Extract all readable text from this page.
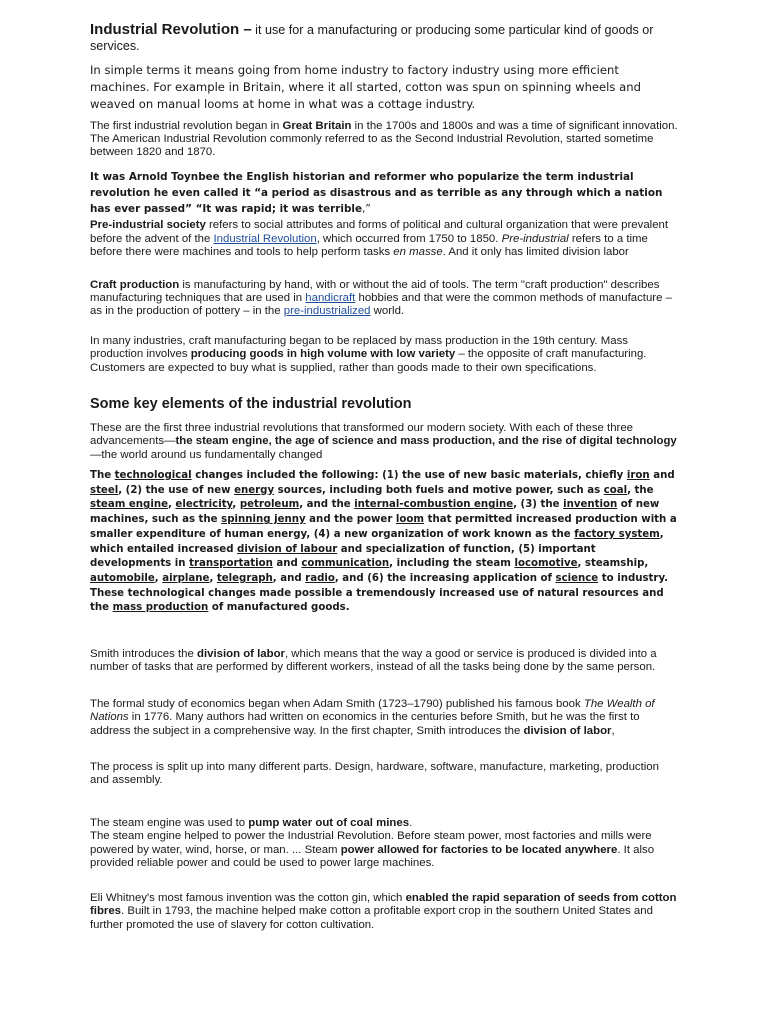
Industrial Revolution – it use for a manufacturing or producing some particular kind of goods or services.

In simple terms it means going from home industry to factory industry using more efficient machines. For example in Britain, where it all started, cotton was spun on spinning wheels and weaved on manual looms at home in what was a cottage industry.

The first industrial revolution began in Great Britain in the 1700s and 1800s and was a time of significant innovation. The American Industrial Revolution commonly referred to as the Second Industrial Revolution, started sometime between 1820 and 1870.

It was Arnold Toynbee the English historian and reformer who popularize the term industrial revolution he even called it “a period as disastrous and as terrible as any through which a nation has ever passed” “It was rapid; it was terrible,”

Pre-industrial society refers to social attributes and forms of political and cultural organization that were prevalent before the advent of the Industrial Revolution, which occurred from 1750 to 1850. Pre-industrial refers to a time before there were machines and tools to help perform tasks en masse. And it only has limited division labor

Craft production is manufacturing by hand, with or without the aid of tools. The term "craft production" describes manufacturing techniques that are used in handicraft hobbies and that were the common methods of manufacture – as in the production of pottery – in the pre-industrialized world.

In many industries, craft manufacturing began to be replaced by mass production in the 19th century. Mass production involves producing goods in high volume with low variety – the opposite of craft manufacturing. Customers are expected to buy what is supplied, rather than goods made to their own specifications.

Some key elements of the industrial revolution

These are the first three industrial revolutions that transformed our modern society. With each of these three advancements—the steam engine, the age of science and mass production, and the rise of digital technology—the world around us fundamentally changed

The technological changes included the following: (1) the use of new basic materials, chiefly iron and steel, (2) the use of new energy sources, including both fuels and motive power, such as coal, the steam engine, electricity, petroleum, and the internal-combustion engine, (3) the invention of new machines, such as the spinning jenny and the power loom that permitted increased production with a smaller expenditure of human energy, (4) a new organization of work known as the factory system, which entailed increased division of labour and specialization of function, (5) important developments in transportation and communication, including the steam locomotive, steamship, automobile, airplane, telegraph, and radio, and (6) the increasing application of science to industry. These technological changes made possible a tremendously increased use of natural resources and the mass production of manufactured goods.

Smith introduces the division of labor, which means that the way a good or service is produced is divided into a number of tasks that are performed by different workers, instead of all the tasks being done by the same person.

The formal study of economics began when Adam Smith (1723–1790) published his famous book The Wealth of Nations in 1776. Many authors had written on economics in the centuries before Smith, but he was the first to address the subject in a comprehensive way. In the first chapter, Smith introduces the division of labor,

The process is split up into many different parts. Design, hardware, software, manufacture, marketing, production and assembly.

The steam engine was used to pump water out of coal mines.
The steam engine helped to power the Industrial Revolution. Before steam power, most factories and mills were powered by water, wind, horse, or man. ... Steam power allowed for factories to be located anywhere. It also provided reliable power and could be used to power large machines.

Eli Whitney's most famous invention was the cotton gin, which enabled the rapid separation of seeds from cotton fibres. Built in 1793, the machine helped make cotton a profitable export crop in the southern United States and further promoted the use of slavery for cotton cultivation.
